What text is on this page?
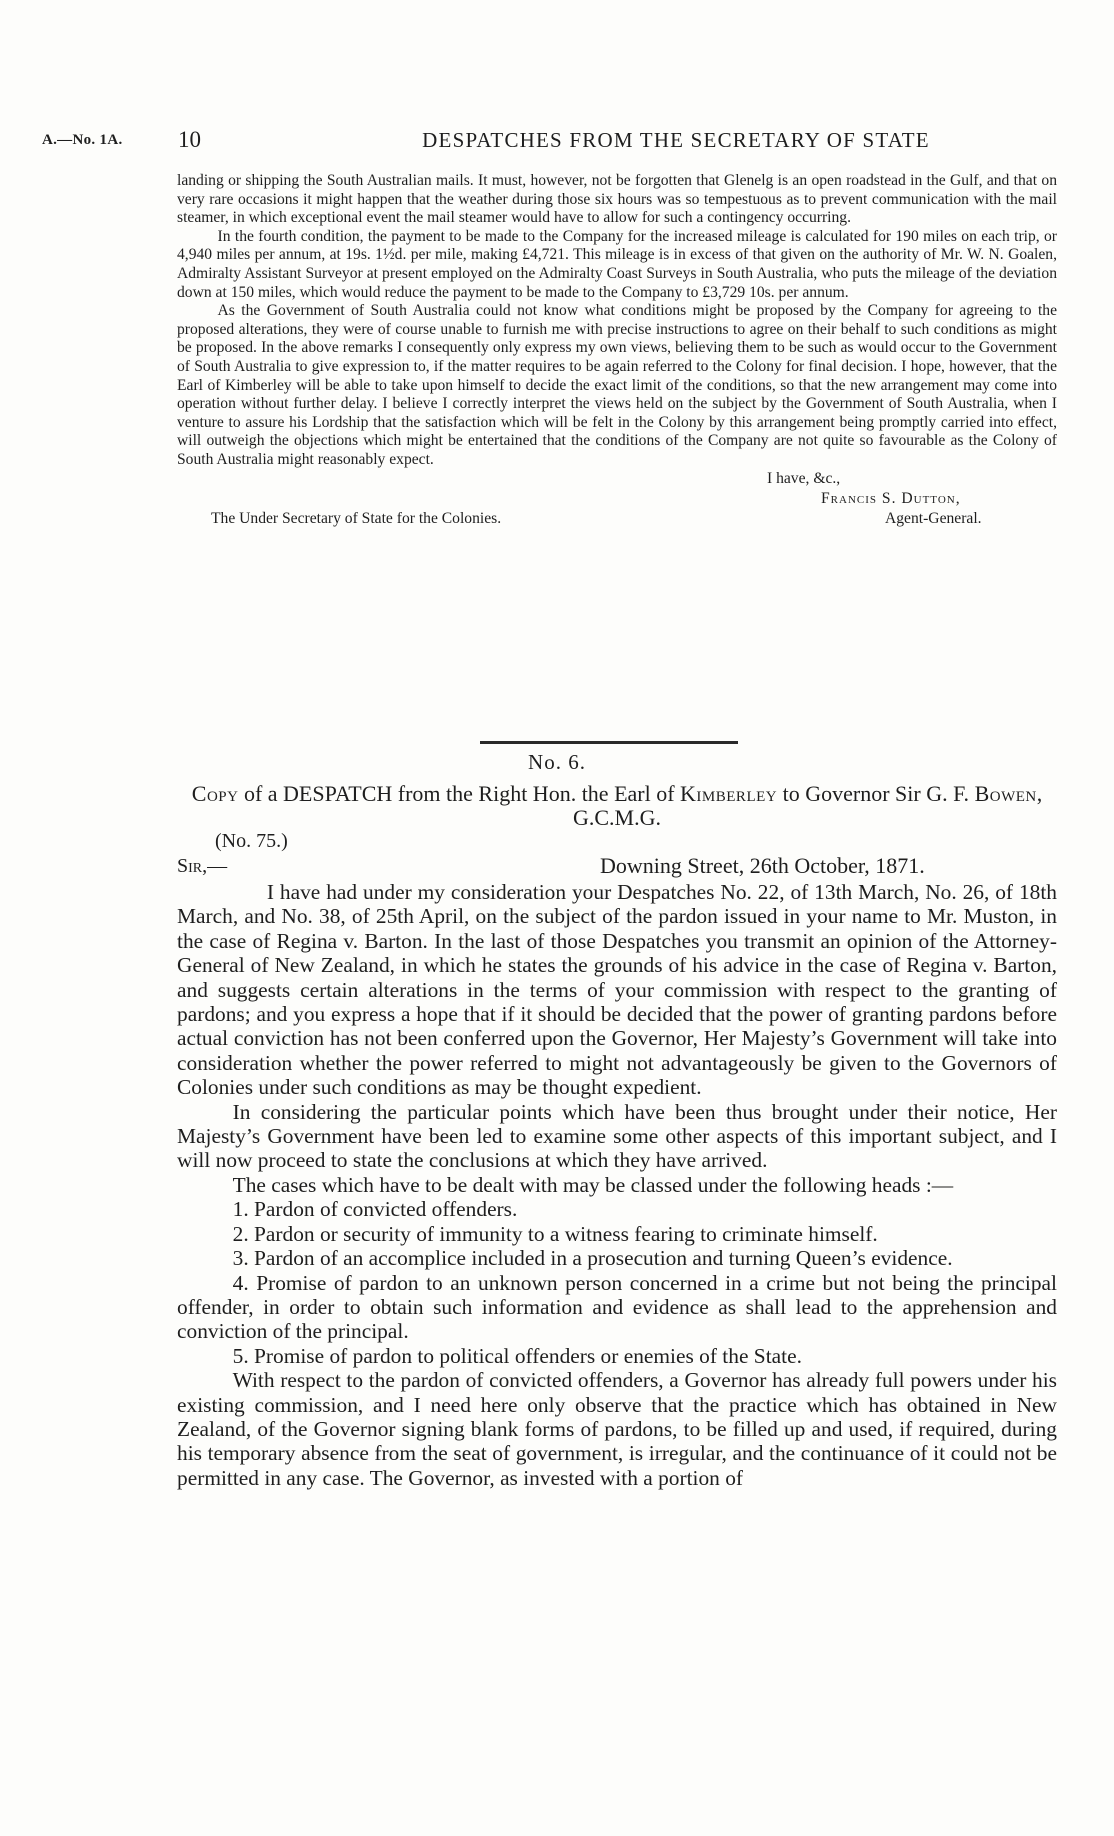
A.—No. 1A. 10	DESPATCHES FROM THE SECRETARY OF STATE

landing or shipping the South Australian mails. It must, however, not be forgotten that Glenelg is an open roadstead in the Gulf, and that on very rare occasions it might happen that the weather during those six hours was so tempestuous as to prevent communication with the mail steamer, in which exceptional event the mail steamer would have to allow for such a contingency occurring.

In the fourth condition, the payment to be made to the Company for the increased mileage is calculated for 190 miles on each trip, or 4,940 miles per annum, at 19s. 1½d. per mile, making £4,721. This mileage is in excess of that given on the authority of Mr. W. N. Goalen, Admiralty Assistant Surveyor at present employed on the Admiralty Coast Surveys in South Australia, who puts the mileage of the deviation down at 150 miles, which would reduce the payment to be made to the Company to £3,729 10s. per annum.

As the Government of South Australia could not know what conditions might be proposed by the Company for agreeing to the proposed alterations, they were of course unable to furnish me with precise instructions to agree on their behalf to such conditions as might be proposed. In the above remarks I consequently only express my own views, believing them to be such as would occur to the Government of South Australia to give expression to, if the matter requires to be again referred to the Colony for final decision. I hope, however, that the Earl of Kimberley will be able to take upon himself to decide the exact limit of the conditions, so that the new arrangement may come into operation without further delay. I believe I correctly interpret the views held on the subject by the Government of South Australia, when I venture to assure his Lordship that the satisfaction which will be felt in the Colony by this arrangement being promptly carried into effect, will outweigh the objections which might be entertained that the conditions of the Company are not quite so favourable as the Colony of South Australia might reasonably expect.

I have, &c.,
Francis S. Dutton,
The Under Secretary of State for the Colonies.	Agent-General.
No. 6.
Copy of a DESPATCH from the Right Hon. the Earl of Kimberley to Governor Sir G. F. Bowen, G.C.M.G.
(No. 75.)
Sir,—	Downing Street, 26th October, 1871.

I have had under my consideration your Despatches No. 22, of 13th March, No. 26, of 18th March, and No. 38, of 25th April, on the subject of the pardon issued in your name to Mr. Muston, in the case of Regina v. Barton. In the last of those Despatches you transmit an opinion of the Attorney-General of New Zealand, in which he states the grounds of his advice in the case of Regina v. Barton, and suggests certain alterations in the terms of your commission with respect to the granting of pardons; and you express a hope that if it should be decided that the power of granting pardons before actual conviction has not been conferred upon the Governor, Her Majesty’s Government will take into consideration whether the power referred to might not advantageously be given to the Governors of Colonies under such conditions as may be thought expedient.

In considering the particular points which have been thus brought under their notice, Her Majesty’s Government have been led to examine some other aspects of this important subject, and I will now proceed to state the conclusions at which they have arrived.

The cases which have to be dealt with may be classed under the following heads :—

1. Pardon of convicted offenders.

2. Pardon or security of immunity to a witness fearing to criminate himself.

3. Pardon of an accomplice included in a prosecution and turning Queen’s evidence.

4. Promise of pardon to an unknown person concerned in a crime but not being the principal offender, in order to obtain such information and evidence as shall lead to the apprehension and conviction of the principal.

5. Promise of pardon to political offenders or enemies of the State.

With respect to the pardon of convicted offenders, a Governor has already full powers under his existing commission, and I need here only observe that the practice which has obtained in New Zealand, of the Governor signing blank forms of pardons, to be filled up and used, if required, during his temporary absence from the seat of government, is irregular, and the continuance of it could not be permitted in any case. The Governor, as invested with a portion of
